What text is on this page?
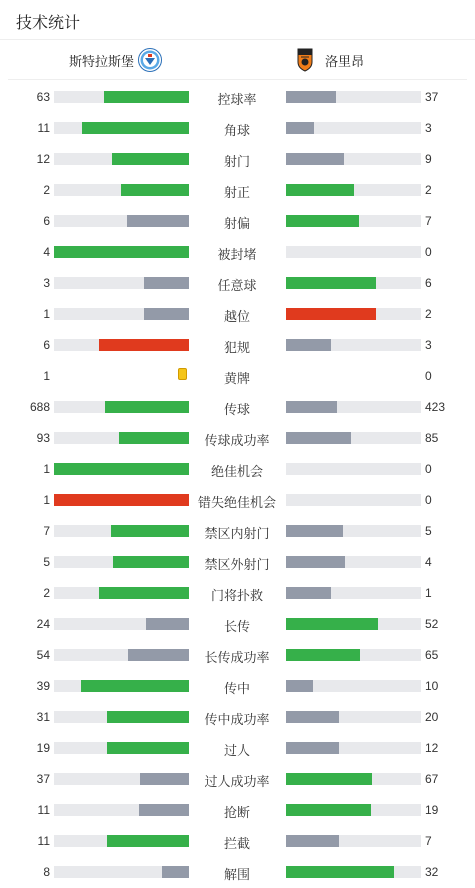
技术统计
斯特拉斯堡	洛里昂
63	控球率	37
11	角球	3
12	射门	9
2	射正	2
6	射偏	7
4	被封堵	0
3	任意球	6
1	越位	2
6	犯规	3
1	黄牌	0
688	传球	423
93	传球成功率	85
1	绝佳机会	0
1	错失绝佳机会	0
7	禁区内射门	5
5	禁区外射门	4
2	门将扑救	1
24	长传	52
54	长传成功率	65
39	传中	10
31	传中成功率	20
19	过人	12
37	过人成功率	67
11	抢断	19
11	拦截	7
8	解围	32
